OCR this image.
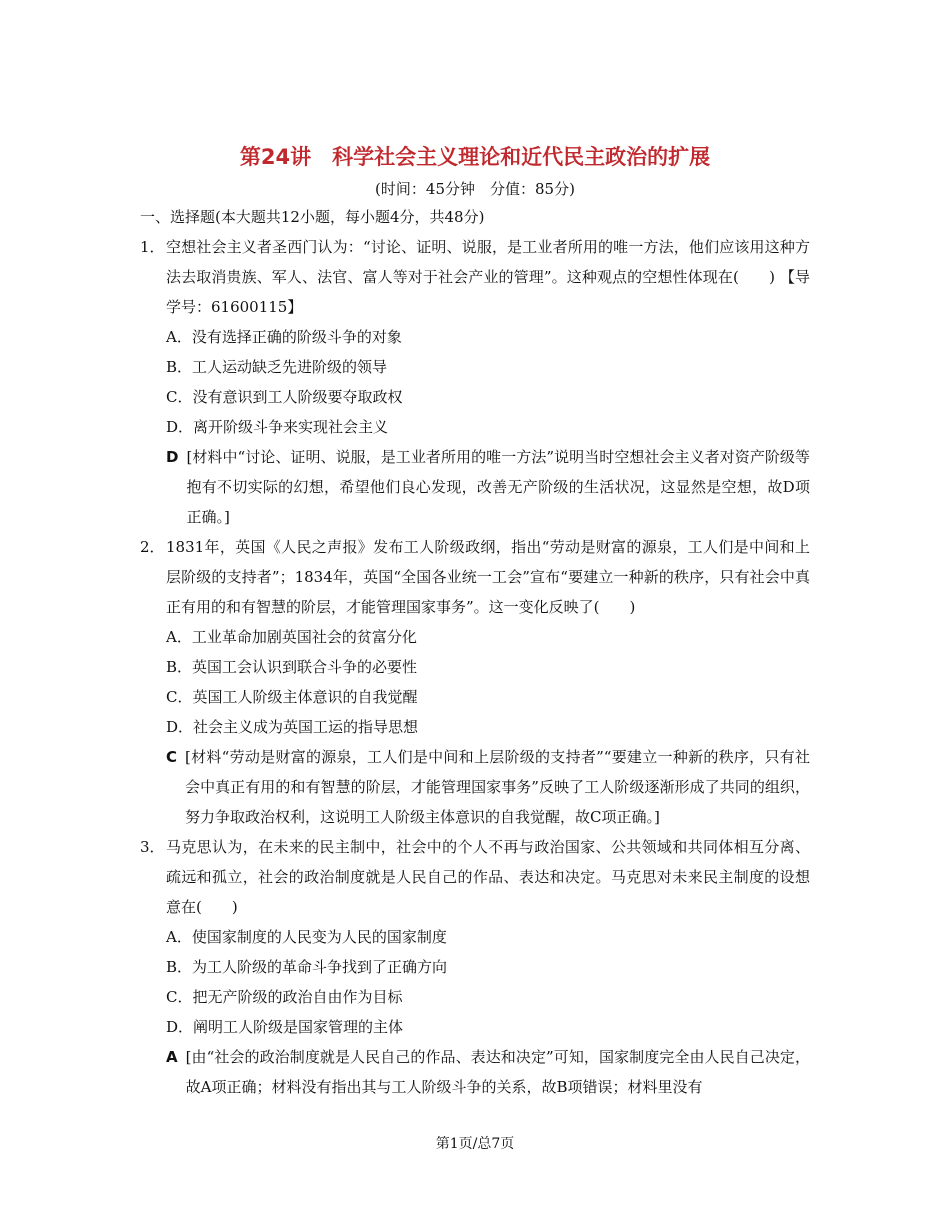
第24讲　科学社会主义理论和近代民主政治的扩展
(时间：45分钟　分值：85分)
一、选择题(本大题共12小题，每小题4分，共48分)
1． 空想社会主义者圣西门认为：“讨论、证明、说服，是工业者所用的唯一方法，他们应该用这种方法去取消贵族、军人、法官、富人等对于社会产业的管理”。这种观点的空想性体现在(　　) 【导学号：61600115】
A．没有选择正确的阶级斗争的对象
B．工人运动缺乏先进阶级的领导
C．没有意识到工人阶级要夺取政权
D．离开阶级斗争来实现社会主义
D [材料中“讨论、证明、说服，是工业者所用的唯一方法”说明当时空想社会主义者对资产阶级等抱有不切实际的幻想，希望他们良心发现，改善无产阶级的生活状况，这显然是空想，故D项正确。]
2． 1831年，英国《人民之声报》发布工人阶级政纲，指出“劳动是财富的源泉，工人们是中间和上层阶级的支持者”；1834年，英国“全国各业统一工会”宣布“要建立一种新的秩序，只有社会中真正有用的和有智慧的阶层，才能管理国家事务”。这一变化反映了(　　)
A．工业革命加剧英国社会的贫富分化
B．英国工会认识到联合斗争的必要性
C．英国工人阶级主体意识的自我觉醒
D．社会主义成为英国工运的指导思想
C [材料“劳动是财富的源泉，工人们是中间和上层阶级的支持者”“要建立一种新的秩序，只有社会中真正有用的和有智慧的阶层，才能管理国家事务”反映了工人阶级逐渐形成了共同的组织，努力争取政治权利，这说明工人阶级主体意识的自我觉醒，故C项正确。]
3． 马克思认为，在未来的民主制中，社会中的个人不再与政治国家、公共领域和共同体相互分离、疏远和孤立，社会的政治制度就是人民自己的作品、表达和决定。马克思对未来民主制度的设想意在(　　)
A．使国家制度的人民变为人民的国家制度
B．为工人阶级的革命斗争找到了正确方向
C．把无产阶级的政治自由作为目标
D．阐明工人阶级是国家管理的主体
A [由“社会的政治制度就是人民自己的作品、表达和决定”可知，国家制度完全由人民自己决定，故A项正确；材料没有指出其与工人阶级斗争的关系，故B项错误；材料里没有
第1页/总7页
